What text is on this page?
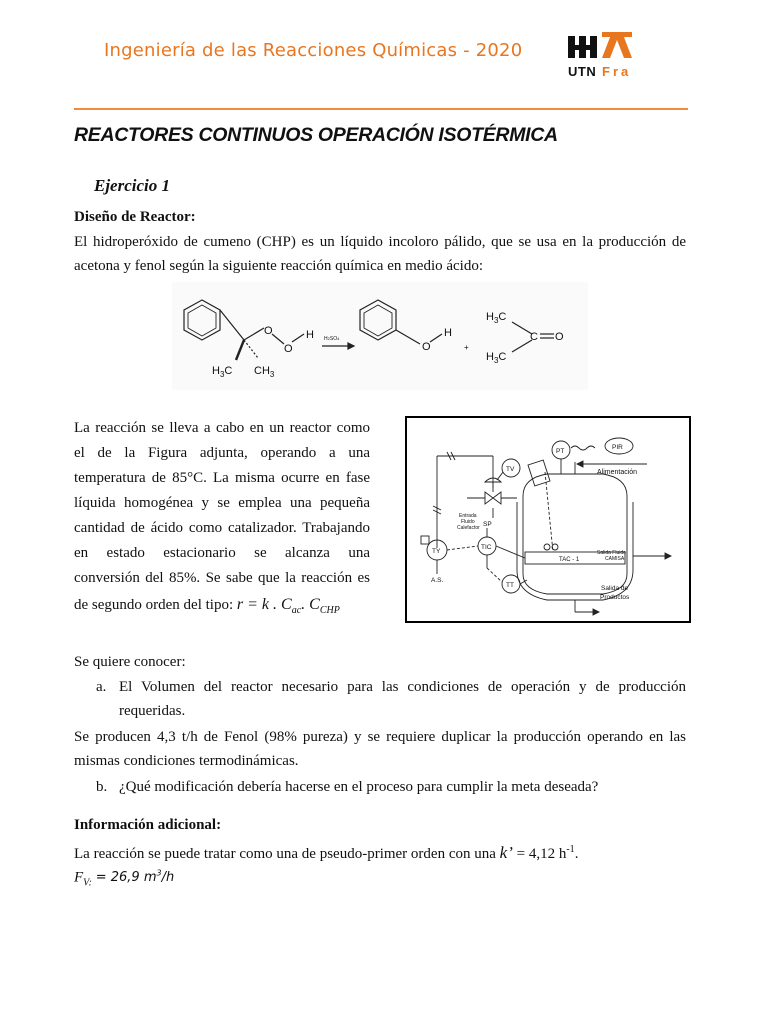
Ingeniería de las Reacciones Químicas - 2020
UTN Fra
REACTORES CONTINUOS OPERACIÓN ISOTÉRMICA
Ejercicio 1
Diseño de Reactor:
El hidroperóxido de cumeno (CHP) es un líquido incoloro pálido, que se usa en la producción de
acetona y fenol según la siguiente reacción química en medio ácido:
O
O
H
$H_3C$ $CH_3$
H2SO4
O
H
+
$H_3C$
$H_3C$
C O
La reacción se lleva a cabo en un reactor como
el de la Figura adjunta, operando a una
temperatura de 85°C. La misma ocurre en fase
líquida homogénea y se emplea una pequeña
cantidad de ácido como catalizador. Trabajando
en estado estacionario se alcanza una
conversión del 85%. Se sabe que la reacción es
de segundo orden del tipo: r = k . $C_{ac}$. $C_{CHP}$
PT
PIR
TV
SP
TIC
TY
TT
A.S.
Alimentación
Entrada
Fluido
Calefactor
TAC - 1
Salida Fluido
CAMISA
Salida de
Productos
Se quiere conocer:
a. El Volumen del reactor necesario para las condiciones de operación y de producción
requeridas.
Se producen 4,3 t/h de Fenol (98% pureza) y se requiere duplicar la producción operando en las
mismas condiciones termodinámicas.
b. ¿Qué modificación debería hacerse en el proceso para cumplir la meta deseada?
Información adicional:
La reacción se puede tratar como una de pseudo-primer orden con una k’ = 4,12 $h^{-1}$.
$F_{V:} = 26,9$ $m^3/h$
